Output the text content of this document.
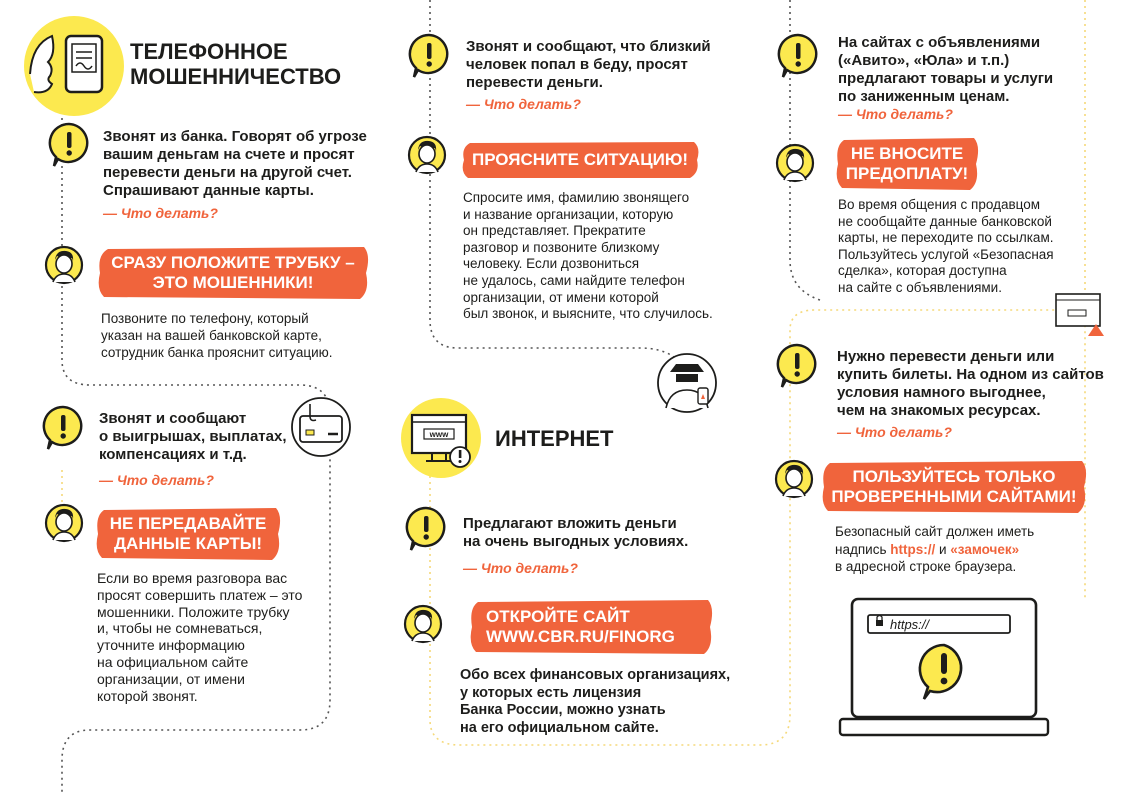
ТЕЛЕФОННОЕ

МОШЕННИЧЕСТВО

Звонят из банка. Говорят об угрозе
вашим деньгам на счете и просят
перевести деньги на другой счет.
Спрашивают данные карты.

— Что делать?

СРАЗУ ПОЛОЖИТЕ ТРУБКУ –
ЭТО МОШЕННИКИ!

Позвоните по телефону, который
указан на вашей банковской карте,
сотрудник банка прояснит ситуацию.

Звонят и сообщают
о выигрышах, выплатах,
компенсациях и т.д.

— Что делать?

НЕ ПЕРЕДАВАЙТЕ
ДАННЫЕ КАРТЫ!

Если во время разговора вас
просят совершить платеж – это
мошенники. Положите трубку
и, чтобы не сомневаться,
уточните информацию
на официальном сайте
организации, от имени
которой звонят.

Звонят и сообщают, что близкий
человек попал в беду, просят
перевести деньги.

— Что делать?

ПРОЯСНИТЕ СИТУАЦИЮ!

Спросите имя, фамилию звонящего
и название организации, которую
он представляет. Прекратите
разговор и позвоните близкому
человеку. Если дозвониться
не удалось, сами найдите телефон
организации, от имени которой
был звонок, и выясните, что случилось.

www ИНТЕРНЕТ

Предлагают вложить деньги
на очень выгодных условиях.

— Что делать?

ОТКРОЙТЕ САЙТ
WWW.CBR.RU/FINORG

Обо всех финансовых организациях,
у которых есть лицензия
Банка России, можно узнать
на его официальном сайте.

На сайтах с объявлениями
(«Авито», «Юла» и т.п.)
предлагают товары и услуги
по заниженным ценам.

— Что делать?

НЕ ВНОСИТЕ
ПРЕДОПЛАТУ!

Во время общения с продавцом
не сообщайте данные банковской
карты, не переходите по ссылкам.
Пользуйтесь услугой «Безопасная
сделка», которая доступна
на сайте с объявлениями.

Нужно перевести деньги или
купить билеты. На одном из сайтов
условия намного выгоднее,
чем на знакомых ресурсах.

— Что делать?

ПОЛЬЗУЙТЕСЬ ТОЛЬКО
ПРОВЕРЕННЫМИ САЙТАМИ!

Безопасный сайт должен иметь
надпись https:// и «замочек»
в адресной строке браузера.

https://
